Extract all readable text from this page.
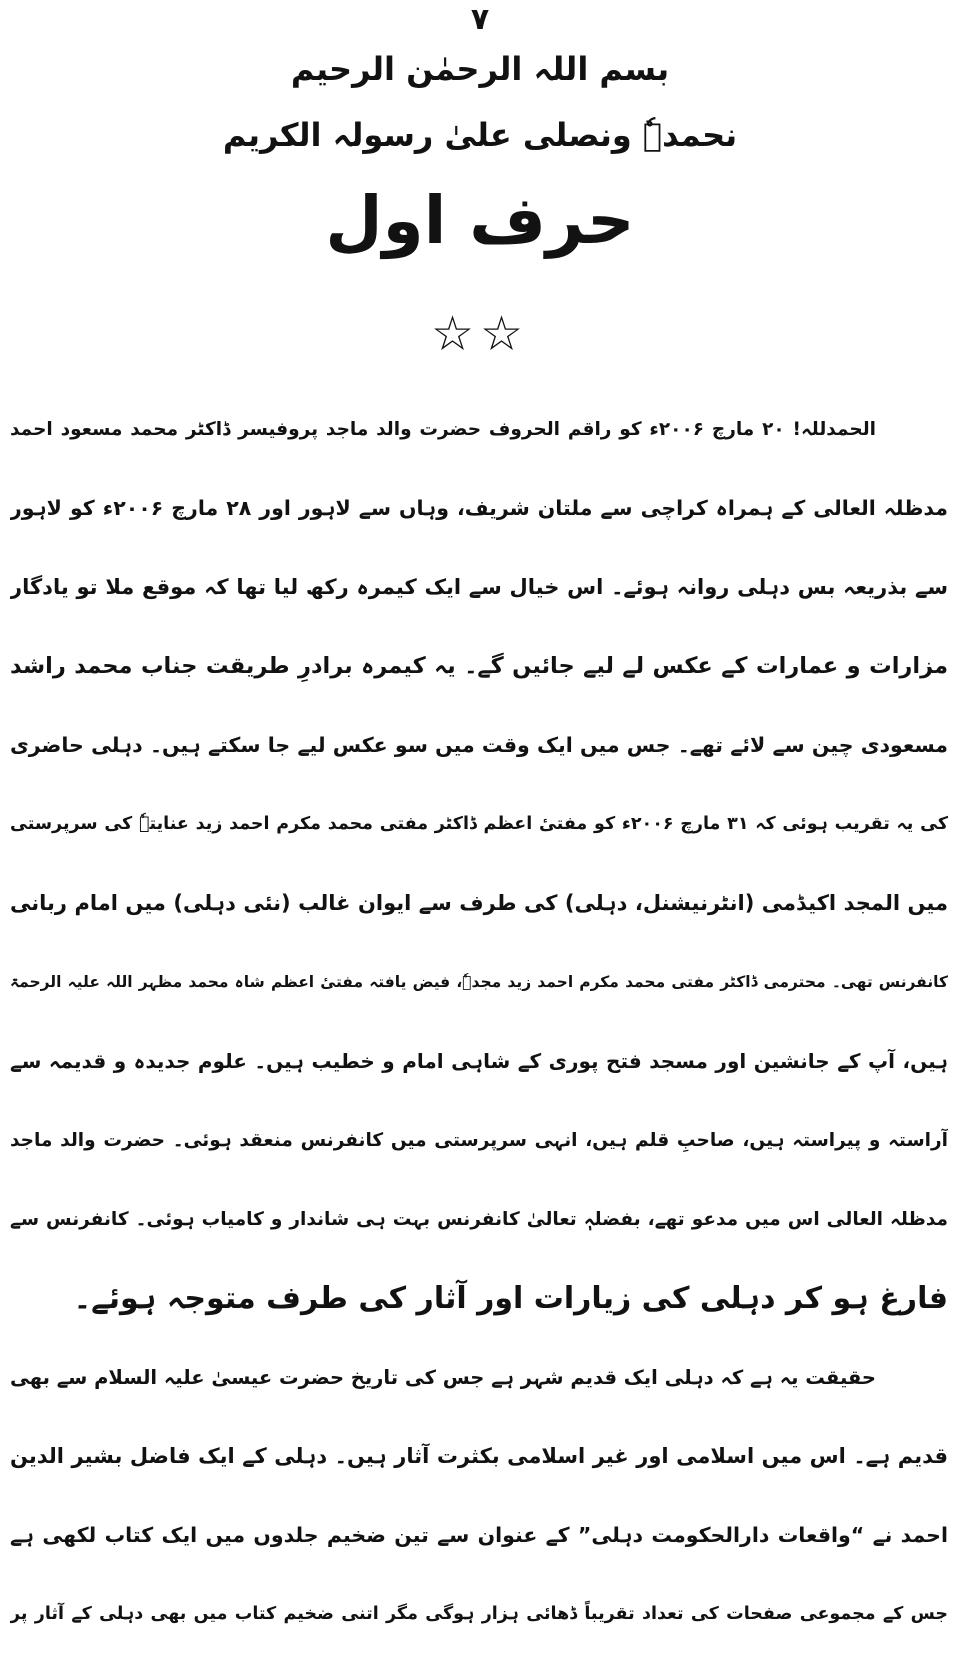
۷
بسم اللہ الرحمٰن الرحیم
نحمدہٗ ونصلی علیٰ رسولہ الکریم
حرف اول
☆☆
الحمدللہ! ۲۰ مارچ ۲۰۰۶ء کو راقم الحروف حضرت والد ماجد پروفیسر ڈاکٹر محمد مسعود احمد
مدظلہ العالی کے ہمراہ کراچی سے ملتان شریف، وہاں سے لاہور اور ۲۸ مارچ ۲۰۰۶ء کو لاہور
سے بذریعہ بس دہلی روانہ ہوئے۔ اس خیال سے ایک کیمرہ رکھ لیا تھا کہ موقع ملا تو یادگار
مزارات و عمارات کے عکس لے لیے جائیں گے۔ یہ کیمرہ برادرِ طریقت جناب محمد راشد
مسعودی چین سے لائے تھے۔ جس میں ایک وقت میں سو عکس لیے جا سکتے ہیں۔ دہلی حاضری
کی یہ تقریب ہوئی کہ ۳۱ مارچ ۲۰۰۶ء کو مفتیٔ اعظم ڈاکٹر مفتی محمد مکرم احمد زید عنایتہٗ کی سرپرستی
میں المجد اکیڈمی (انٹرنیشنل، دہلی) کی طرف سے ایوان غالب (نئی دہلی) میں امام ربانی
کانفرنس تھی۔ محترمی ڈاکٹر مفتی محمد مکرم احمد زید مجدہٗ، فیض یافتہ مفتیٔ اعظم شاہ محمد مظہر اللہ علیہ الرحمۃ
ہیں، آپ کے جانشین اور مسجد فتح پوری کے شاہی امام و خطیب ہیں۔ علوم جدیدہ و قدیمہ سے
آراستہ و پیراستہ ہیں، صاحبِ قلم ہیں، انہی سرپرستی میں کانفرنس منعقد ہوئی۔ حضرت والد ماجد
مدظلہ العالی اس میں مدعو تھے، بفضلہٖ تعالیٰ کانفرنس بہت ہی شاندار و کامیاب ہوئی۔ کانفرنس سے
فارغ ہو کر دہلی کی زیارات اور آثار کی طرف متوجہ ہوئے۔
حقیقت یہ ہے کہ دہلی ایک قدیم شہر ہے جس کی تاریخ حضرت عیسیٰ علیہ السلام سے بھی
قدیم ہے۔ اس میں اسلامی اور غیر اسلامی بکثرت آثار ہیں۔ دہلی کے ایک فاضل بشیر الدین
احمد نے “واقعات دارالحکومت دہلی” کے عنوان سے تین ضخیم جلدوں میں ایک کتاب لکھی ہے
جس کے مجموعی صفحات کی تعداد تقریباً ڈھائی ہزار ہوگی مگر اتنی ضخیم کتاب میں بھی دہلی کے آثار پر
